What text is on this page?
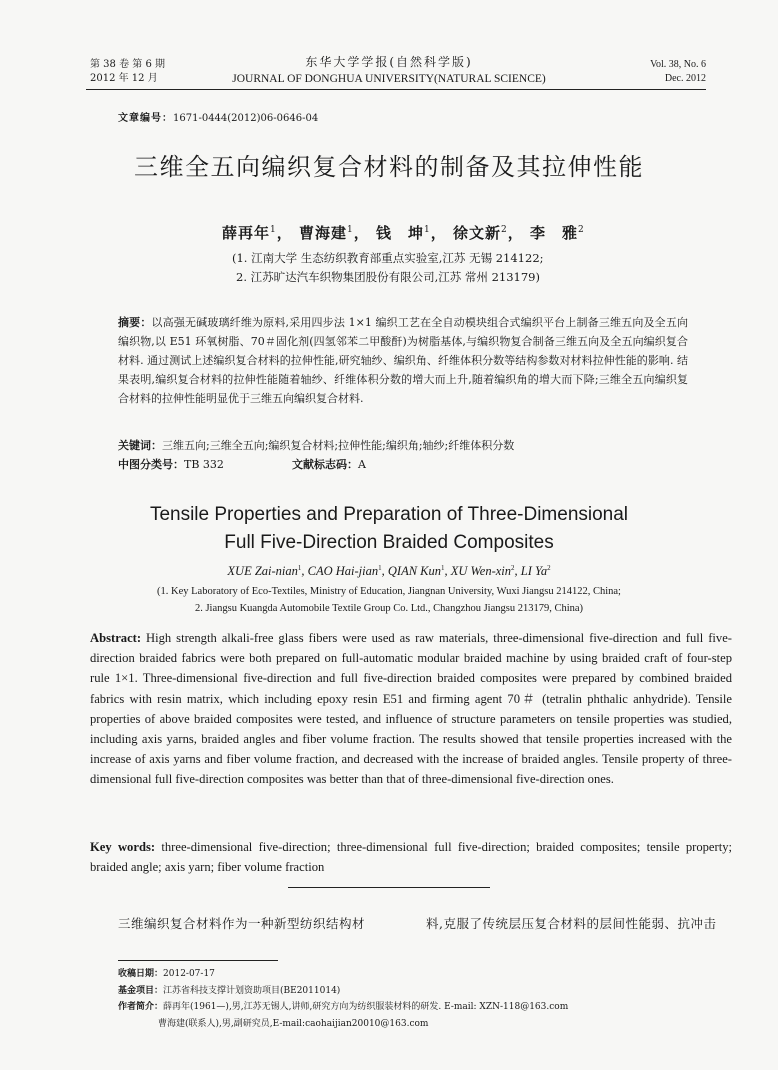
第 38 卷 第 6 期
2012 年 12 月
东华大学学报(自然科学版)
JOURNAL OF DONGHUA UNIVERSITY(NATURAL SCIENCE)
Vol. 38, No. 6
Dec. 2012
文章编号：1671-0444(2012)06-0646-04
三维全五向编织复合材料的制备及其拉伸性能
薛再年$^1$， 曹海建$^1$， 钱　坤$^1$， 徐文新$^2$， 李　雅$^2$
(1. 江南大学 生态纺织教育部重点实验室,江苏 无锡 214122;
2. 江苏旷达汽车织物集团股份有限公司,江苏 常州 213179)
摘要：以高强无碱玻璃纤维为原料,采用四步法 1×1 编织工艺在全自动模块组合式编织平台上制备三维五向及全五向编织物,以 E51 环氧树脂、70＃固化剂(四氢邻苯二甲酸酐)为树脂基体,与编织物复合制备三维五向及全五向编织复合材料. 通过测试上述编织复合材料的拉伸性能,研究轴纱、编织角、纤维体积分数等结构参数对材料拉伸性能的影响. 结果表明,编织复合材料的拉伸性能随着轴纱、纤维体积分数的增大而上升,随着编织角的增大而下降;三维全五向编织复合材料的拉伸性能明显优于三维五向编织复合材料.
关键词：三维五向;三维全五向;编织复合材料;拉伸性能;编织角;轴纱;纤维体积分数
中图分类号：TB 332	文献标志码：A
Tensile Properties and Preparation of Three-Dimensional
Full Five-Direction Braided Composites
XUE Zai-nian$^1$, CAO Hai-jian$^1$, QIAN Kun$^1$, XU Wen-xin$^2$, LI Ya$^2$
(1. Key Laboratory of Eco-Textiles, Ministry of Education, Jiangnan University, Wuxi Jiangsu 214122, China;
2. Jiangsu Kuangda Automobile Textile Group Co. Ltd., Changzhou Jiangsu 213179, China)
Abstract: High strength alkali-free glass fibers were used as raw materials, three-dimensional five-direction and full five-direction braided fabrics were both prepared on full-automatic modular braided machine by using braided craft of four-step rule 1×1. Three-dimensional five-direction and full five-direction braided composites were prepared by combined braided fabrics with resin matrix, which including epoxy resin E51 and firming agent 70＃ (tetralin phthalic anhydride). Tensile properties of above braided composites were tested, and influence of structure parameters on tensile properties was studied, including axis yarns, braided angles and fiber volume fraction. The results showed that tensile properties increased with the increase of axis yarns and fiber volume fraction, and decreased with the increase of braided angles. Tensile property of three-dimensional full five-direction composites was better than that of three-dimensional five-direction ones.
Key words: three-dimensional five-direction; three-dimensional full five-direction; braided composites; tensile property; braided angle; axis yarn; fiber volume fraction
三维编织复合材料作为一种新型纺织结构材	料,克服了传统层压复合材料的层间性能弱、抗冲击
收稿日期：2012-07-17
基金项目：江苏省科技支撑计划资助项目(BE2011014)
作者简介：薛再年(1961—),男,江苏无锡人,讲师,研究方向为纺织服装材料的研发. E-mail: XZN-118@163.com
曹海建(联系人),男,副研究员,E-mail:caohaijian20010@163.com
